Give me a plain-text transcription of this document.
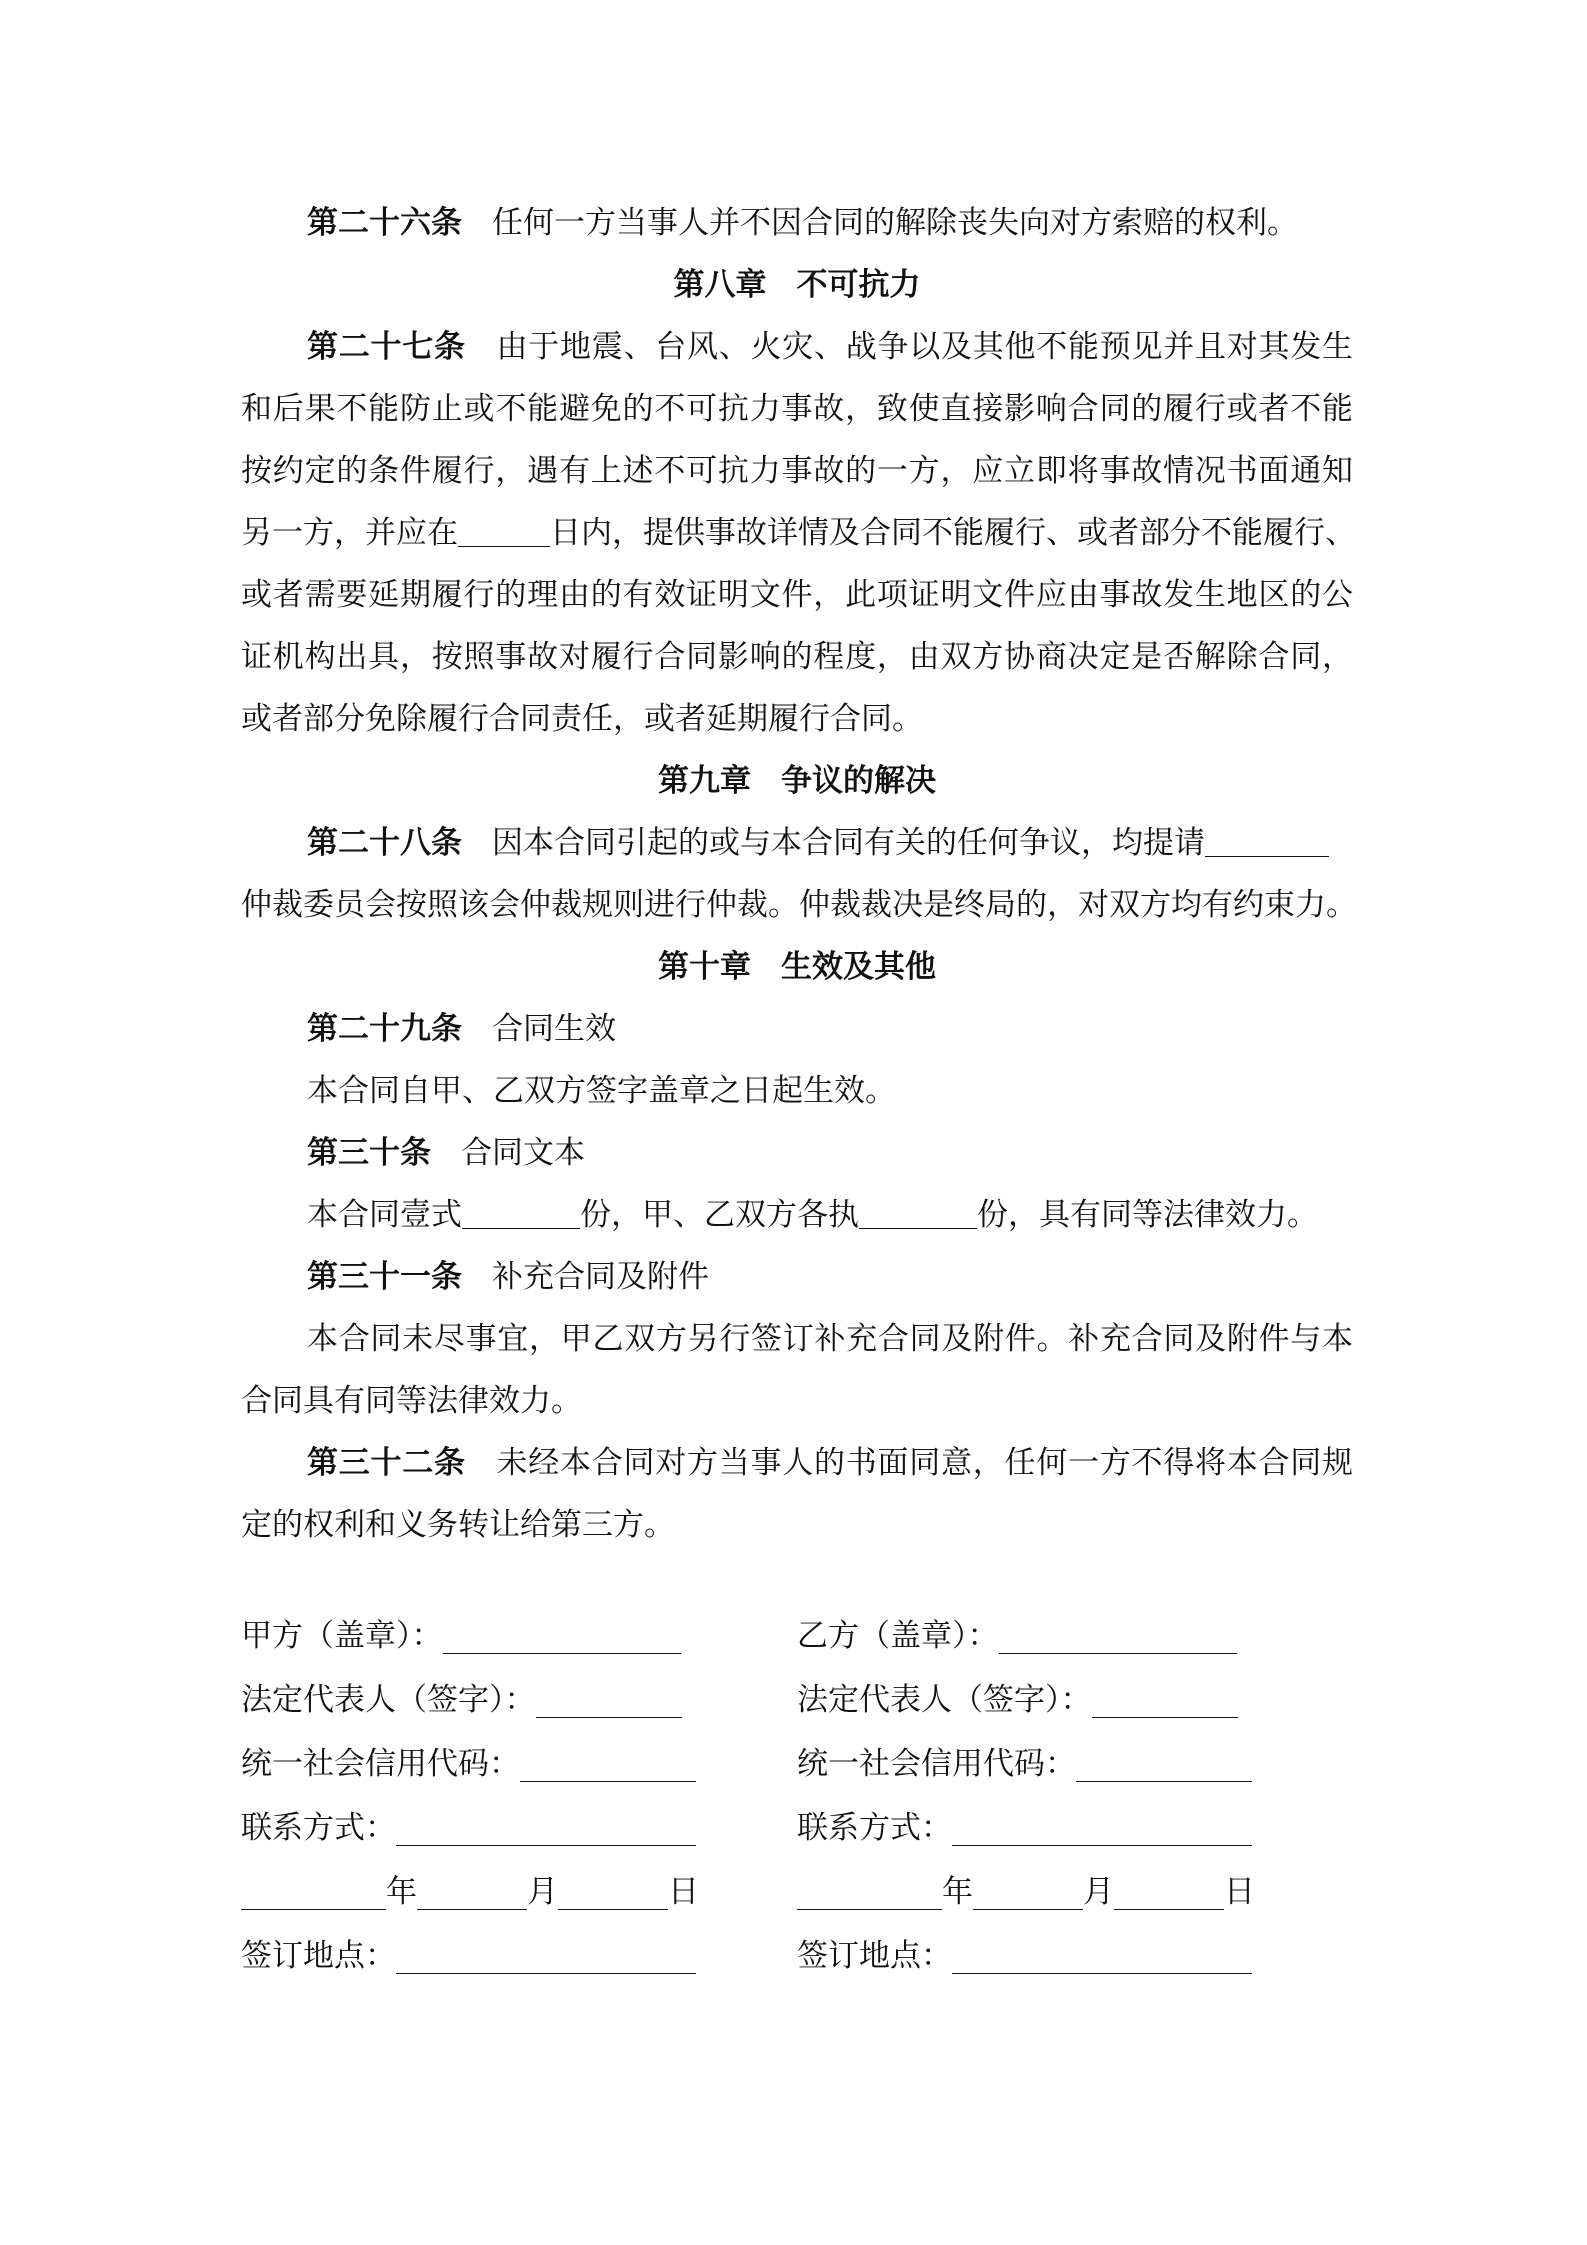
第二十六条 任何一方当事人并不因合同的解除丧失向对方索赔的权利。
第八章 不可抗力
第二十七条 由于地震、台风、火灾、战争以及其他不能预见并且对其发生
和后果不能防止或不能避免的不可抗力事故，致使直接影响合同的履行或者不能
按约定的条件履行，遇有上述不可抗力事故的一方，应立即将事故情况书面通知
另一方，并应在	日内，提供事故详情及合同不能履行、或者部分不能履行、
或者需要延期履行的理由的有效证明文件，此项证明文件应由事故发生地区的公
证机构出具，按照事故对履行合同影响的程度，由双方协商决定是否解除合同，
或者部分免除履行合同责任，或者延期履行合同。
第九章 争议的解决
第二十八条 因本合同引起的或与本合同有关的任何争议，均提请
仲裁委员会按照该会仲裁规则进行仲裁。仲裁裁决是终局的，对双方均有约束力。
第十章 生效及其他
第二十九条 合同生效
本合同自甲、乙双方签字盖章之日起生效。
第三十条 合同文本
本合同壹式	份，甲、乙双方各执	份，具有同等法律效力。
第三十一条 补充合同及附件
本合同未尽事宜，甲乙双方另行签订补充合同及附件。补充合同及附件与本
合同具有同等法律效力。
第三十二条 未经本合同对方当事人的书面同意，任何一方不得将本合同规
定的权利和义务转让给第三方。
甲方（盖章）：	乙方（盖章）：
法定代表人（签字）：	法定代表人（签字）：
统一社会信用代码：	统一社会信用代码：
联系方式：	联系方式：
年	月	日	年	月	日
签订地点：	签订地点：
